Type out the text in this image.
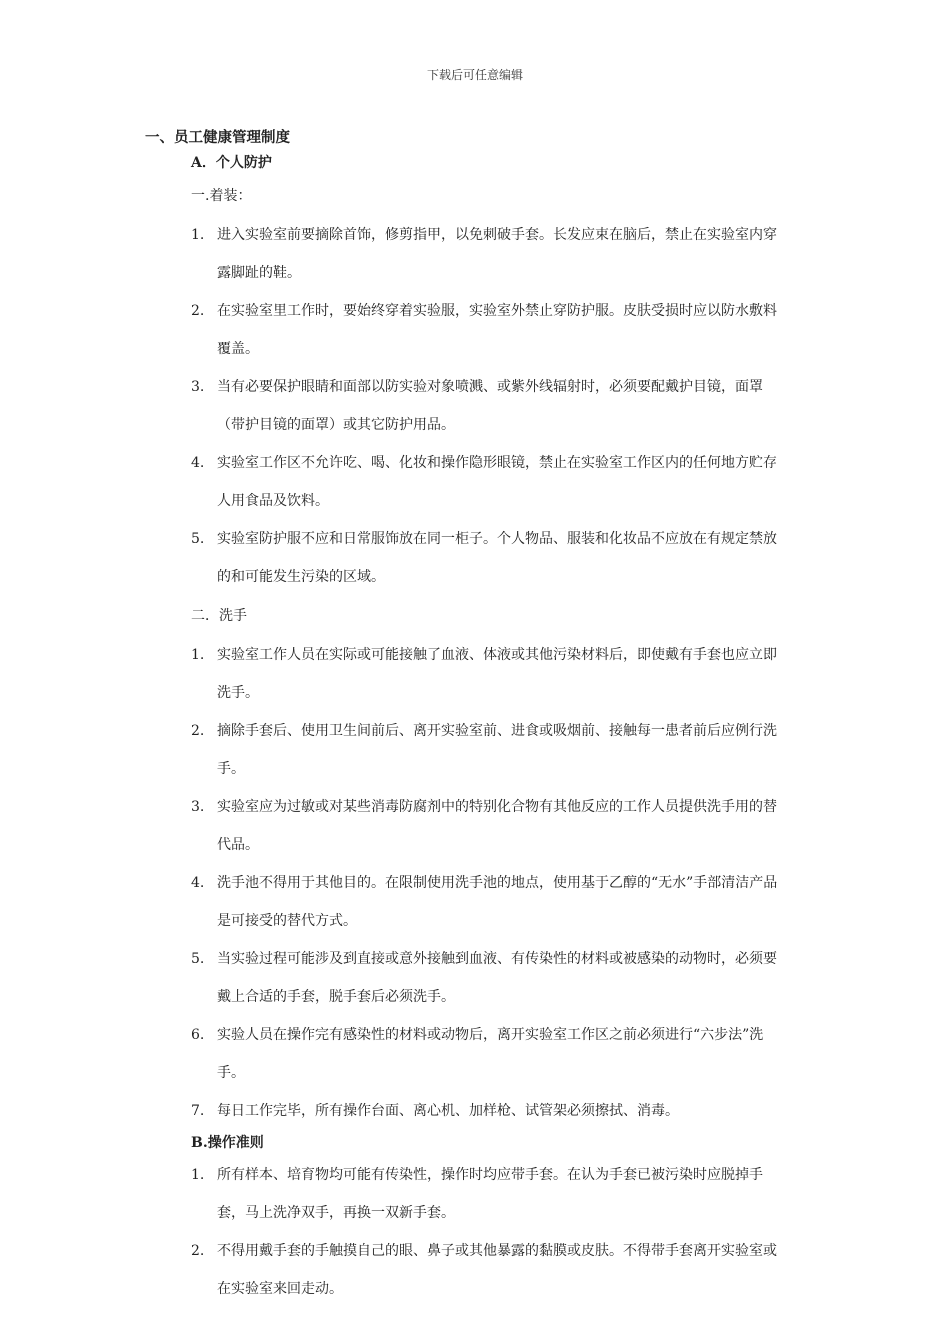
下载后可任意编辑
一、员工健康管理制度
A．个人防护
一.着装：
1. 进入实验室前要摘除首饰，修剪指甲，以免刺破手套。长发应束在脑后，禁止在实验室内穿露脚趾的鞋。
2. 在实验室里工作时，要始终穿着实验服，实验室外禁止穿防护服。皮肤受损时应以防水敷料覆盖。
3. 当有必要保护眼睛和面部以防实验对象喷溅、或紫外线辐射时，必须要配戴护目镜，面罩（带护目镜的面罩）或其它防护用品。
4. 实验室工作区不允许吃、喝、化妆和操作隐形眼镜，禁止在实验室工作区内的任何地方贮存人用食品及饮料。
5. 实验室防护服不应和日常服饰放在同一柜子。个人物品、服装和化妆品不应放在有规定禁放的和可能发生污染的区域。
二．洗手
1. 实验室工作人员在实际或可能接触了血液、体液或其他污染材料后，即使戴有手套也应立即洗手。
2. 摘除手套后、使用卫生间前后、离开实验室前、进食或吸烟前、接触每一患者前后应例行洗手。
3. 实验室应为过敏或对某些消毒防腐剂中的特别化合物有其他反应的工作人员提供洗手用的替代品。
4. 洗手池不得用于其他目的。在限制使用洗手池的地点，使用基于乙醇的“无水”手部清洁产品是可接受的替代方式。
5. 当实验过程可能涉及到直接或意外接触到血液、有传染性的材料或被感染的动物时，必须要戴上合适的手套，脱手套后必须洗手。
6. 实验人员在操作完有感染性的材料或动物后，离开实验室工作区之前必须进行“六步法”洗手。
7. 每日工作完毕，所有操作台面、离心机、加样枪、试管架必须擦拭、消毒。
B.操作准则
1. 所有样本、培育物均可能有传染性，操作时均应带手套。在认为手套已被污染时应脱掉手套，马上洗净双手，再换一双新手套。
2. 不得用戴手套的手触摸自己的眼、鼻子或其他暴露的黏膜或皮肤。不得带手套离开实验室或在实验室来回走动。
